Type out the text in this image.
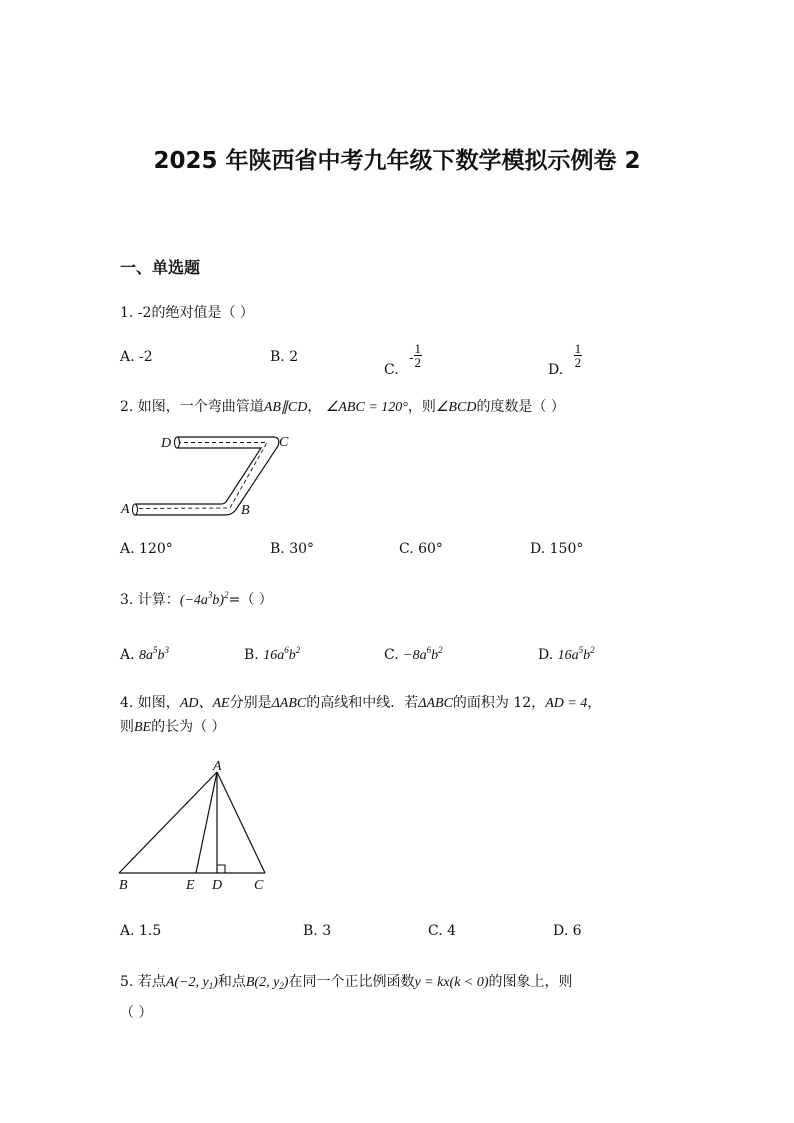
2025 年陕西省中考九年级下数学模拟示例卷 2
一、单选题
1. -2的绝对值是（ ）
A. -2	B. 2
C. - $\frac{1}{2}$
D.
$\frac{1}{2}$
2. 如图，一个弯曲管道AB∥CD， ∠ABC = 120°，则∠BCD的度数是（ ）
D	C
A	B
A. 120°	B. 30°	C. 60°	D. 150°
3. 计算：$(-4a^3b)^2=$（ ）
A. $8a^5b^3$	B. $16a^6b^2$	C. $-8a^6b^2$	D. $16a^5b^2$
4. 如图，AD、AE分别是ΔABC的高线和中线．若ΔABC的面积为 12，AD = 4，
则BE的长为（ ）
A
B	E D C
A. 1.5	B. 3	C. 4	D. 6
5. 若点A(−2, $y_1$)和点B(2, $y_2$)在同一个正比例函数y = kx(k < 0)的图象上，则
（ ）
